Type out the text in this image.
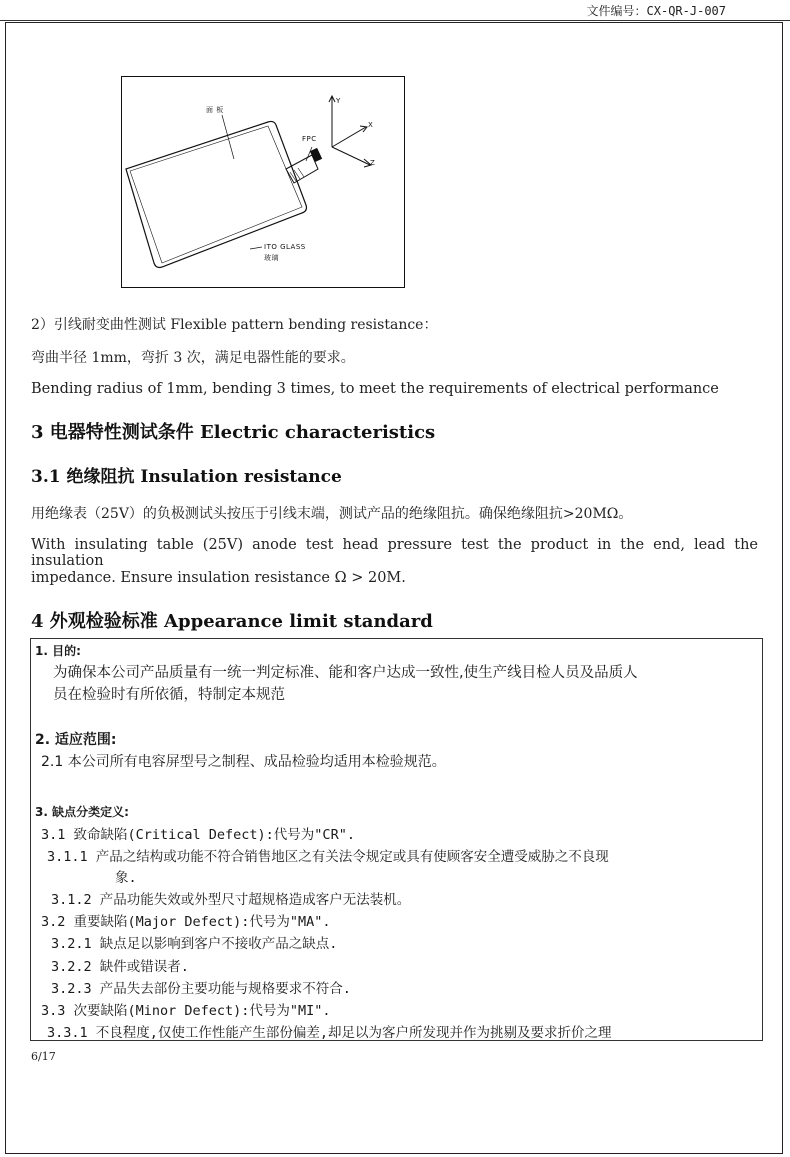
文件编号：CX-QR-J-007
面 板
FPC
ITO GLASS
玻璃
Y
X
Z
2）引线耐变曲性测试 Flexible pattern bending resistance：
弯曲半径 1mm，弯折 3 次，满足电器性能的要求。
Bending radius of 1mm, bending 3 times, to meet the requirements of electrical performance
3 电器特性测试条件 Electric characteristics
3.1 绝缘阻抗 Insulation resistance
用绝缘表（25V）的负极测试头按压于引线末端，测试产品的绝缘阻抗。确保绝缘阻抗>20MΩ。
With insulating table (25V) anode test head pressure test the product in the end, lead the insulation
impedance. Ensure insulation resistance Ω > 20M.
4 外观检验标准 Appearance limit standard
1. 目的:
为确保本公司产品质量有一统一判定标准、能和客户达成一致性,使生产线目检人员及品质人
员在检验时有所依循，特制定本规范
2. 适应范围:
2.1 本公司所有电容屏型号之制程、成品检验均适用本检验规范。
3. 缺点分类定义:
3.1 致命缺陷(Critical Defect):代号为"CR".
3.1.1 产品之结构或功能不符合销售地区之有关法令规定或具有使顾客安全遭受威胁之不良现
象.
3.1.2 产品功能失效或外型尺寸超规格造成客户无法装机。
3.2 重要缺陷(Major Defect):代号为"MA".
3.2.1 缺点足以影响到客户不接收产品之缺点.
3.2.2 缺件或错误者.
3.2.3 产品失去部份主要功能与规格要求不符合.
3.3 次要缺陷(Minor Defect):代号为"MI".
3.3.1 不良程度,仅使工作性能产生部份偏差,却足以为客户所发现并作为挑剔及要求折价之理
6/17
